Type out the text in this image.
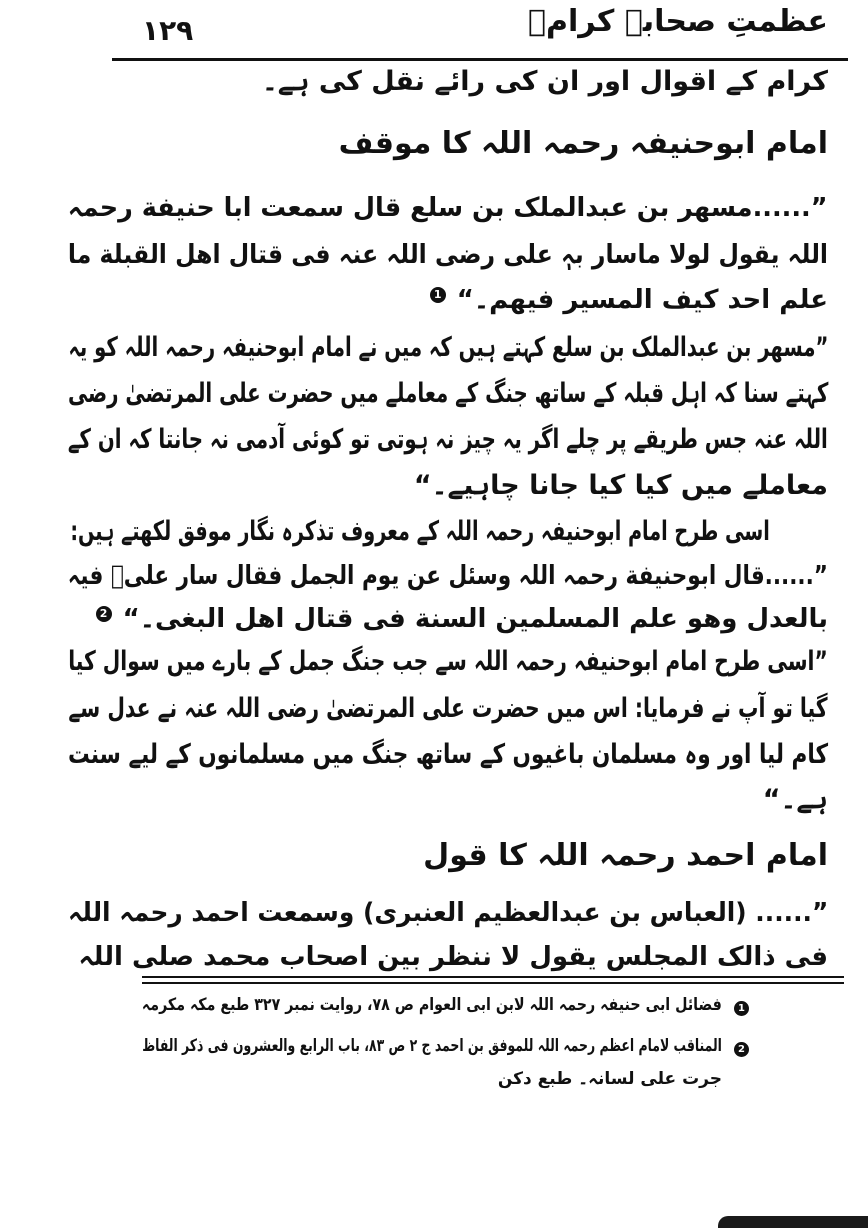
عظمتِ صحابہ کرامؓ
۱۲۹
کرام کے اقوال اور ان کی رائے نقل کی ہے۔
امام ابوحنیفہ رحمہ اللہ کا موقف
”......مسھر بن عبدالملک بن سلع قال سمعت ابا حنیفة رحمہ
اللہ یقول لولا ماسار بہٖ علی رضی اللہ عنہ فی قتال اھل القبلة ما
علم احد کیف المسیر فیھم۔“ 1
”مسھر بن عبدالملک بن سلع کہتے ہیں کہ میں نے امام ابوحنیفہ رحمہ اللہ کو یہ
کہتے سنا کہ اہل قبلہ کے ساتھ جنگ کے معاملے میں حضرت علی المرتضیٰ رضی
اللہ عنہ جس طریقے پر چلے اگر یہ چیز نہ ہوتی تو کوئی آدمی نہ جانتا کہ ان کے
معاملے میں کیا کیا جانا چاہیے۔“
اسی طرح امام ابوحنیفہ رحمہ اللہ کے معروف تذکرہ نگار موفق لکھتے ہیں:
”......قال ابوحنیفة رحمہ اللہ وسئل عن یوم الجمل فقال سار علیؓ فیہ
بالعدل وھو علم المسلمین السنة فی قتال اھل البغی۔“ 2
”اسی طرح امام ابوحنیفہ رحمہ اللہ سے جب جنگ جمل کے بارے میں سوال کیا
گیا تو آپ نے فرمایا: اس میں حضرت علی المرتضیٰ رضی اللہ عنہ نے عدل سے
کام لیا اور وہ مسلمان باغیوں کے ساتھ جنگ میں مسلمانوں کے لیے سنت
ہے۔“
امام احمد رحمہ اللہ کا قول
”...... (العباس بن عبدالعظیم العنبری) وسمعت احمد رحمہ اللہ
فی ذالک المجلس یقول لا ننظر بین اصحاب محمد صلی اللہ
1
فضائل ابی حنیفہ رحمہ اللہ لابن ابی العوام ص ۷۸، روایت نمبر ۳۲۷ طبع مکہ مکرمہ
2
المناقب لامام اعظم رحمہ اللہ للموفق بن احمد ج ۲ ص ۸۳، باب الرابع والعشرون فی ذکر الفاظ
جرت علی لسانہ۔ طبع دکن
